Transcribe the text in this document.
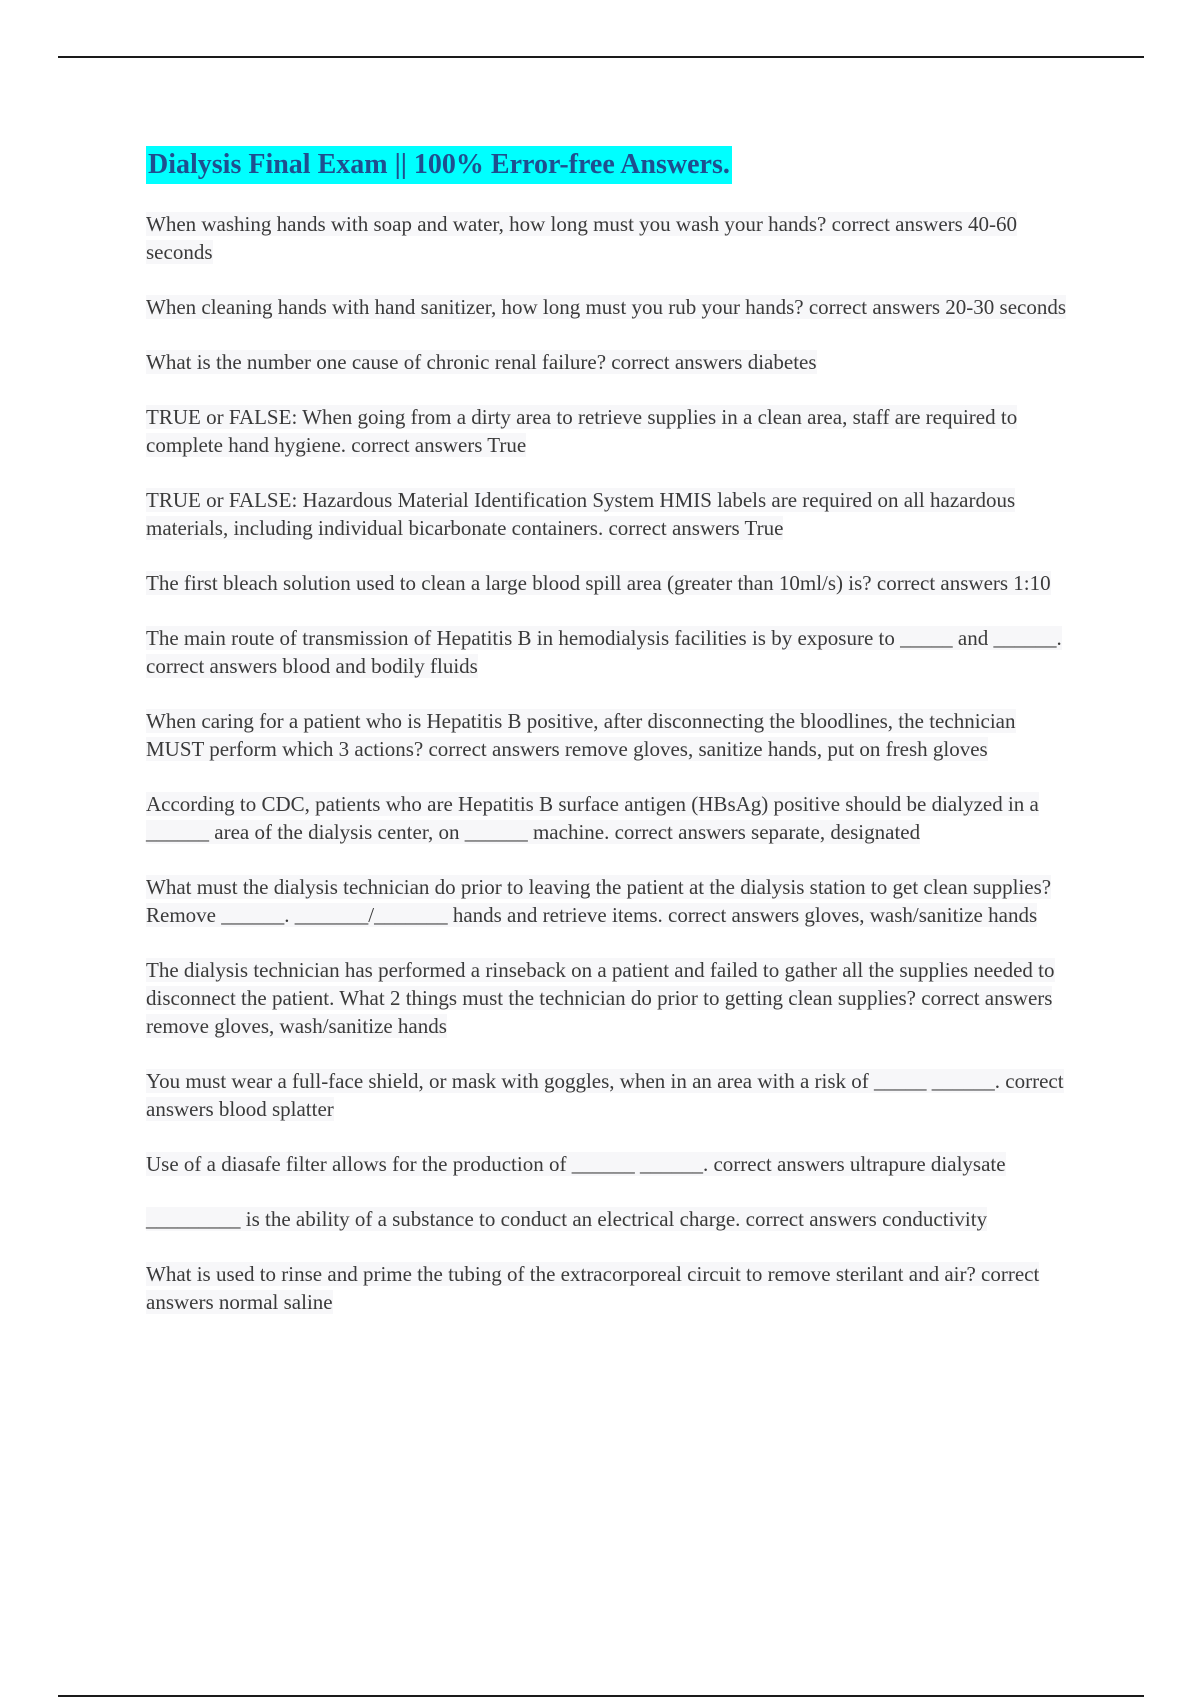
Dialysis Final Exam || 100% Error-free Answers.
When washing hands with soap and water, how long must you wash your hands? correct answers 40-60 seconds
When cleaning hands with hand sanitizer, how long must you rub your hands? correct answers 20-30 seconds
What is the number one cause of chronic renal failure? correct answers diabetes
TRUE or FALSE: When going from a dirty area to retrieve supplies in a clean area, staff are required to complete hand hygiene. correct answers True
TRUE or FALSE: Hazardous Material Identification System HMIS labels are required on all hazardous materials, including individual bicarbonate containers. correct answers True
The first bleach solution used to clean a large blood spill area (greater than 10ml/s) is? correct answers 1:10
The main route of transmission of Hepatitis B in hemodialysis facilities is by exposure to _____ and ______. correct answers blood and bodily fluids
When caring for a patient who is Hepatitis B positive, after disconnecting the bloodlines, the technician MUST perform which 3 actions? correct answers remove gloves, sanitize hands, put on fresh gloves
According to CDC, patients who are Hepatitis B surface antigen (HBsAg) positive should be dialyzed in a ______ area of the dialysis center, on ______ machine. correct answers separate, designated
What must the dialysis technician do prior to leaving the patient at the dialysis station to get clean supplies? Remove ______. _______/_______ hands and retrieve items. correct answers gloves, wash/sanitize hands
The dialysis technician has performed a rinseback on a patient and failed to gather all the supplies needed to disconnect the patient. What 2 things must the technician do prior to getting clean supplies? correct answers remove gloves, wash/sanitize hands
You must wear a full-face shield, or mask with goggles, when in an area with a risk of _____ ______. correct answers blood splatter
Use of a diasafe filter allows for the production of ______ ______. correct answers ultrapure dialysate
_________ is the ability of a substance to conduct an electrical charge. correct answers conductivity
What is used to rinse and prime the tubing of the extracorporeal circuit to remove sterilant and air? correct answers normal saline
